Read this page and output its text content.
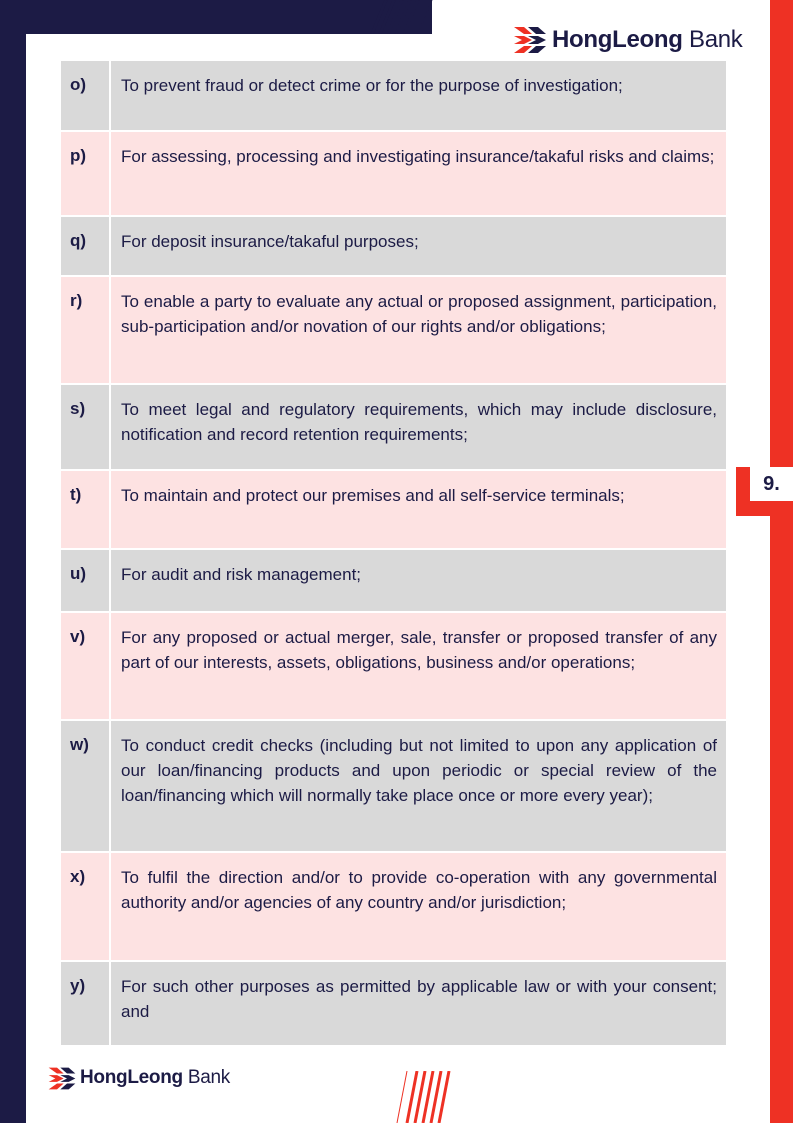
HongLeong Bank
o)	To prevent fraud or detect crime or for the purpose of investigation;
p)	For assessing, processing and investigating insurance/takaful risks and claims;
q)	For deposit insurance/takaful purposes;
r)	To enable a party to evaluate any actual or proposed assignment, participation, sub-participation and/or novation of our rights and/or obligations;
s)	To meet legal and regulatory requirements, which may include disclosure, notification and record retention requirements;
t)	To maintain and protect our premises and all self-service terminals;
u)	For audit and risk management;
v)	For any proposed or actual merger, sale, transfer or proposed transfer of any part of our interests, assets, obligations, business and/or operations;
w)	To conduct credit checks (including but not limited to upon any application of our loan/financing products and upon periodic or special review of the loan/financing which will normally take place once or more every year);
x)	To fulfil the direction and/or to provide co-operation with any governmental authority and/or agencies of any country and/or jurisdiction;
y)	For such other purposes as permitted by applicable law or with your consent; and
9.
HongLeong Bank
